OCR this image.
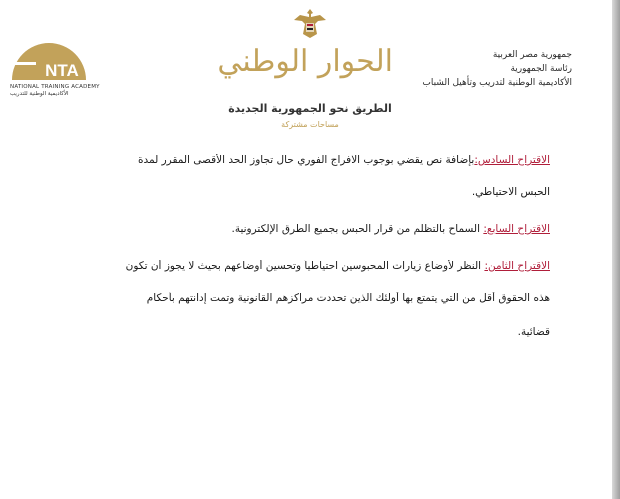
NTA
NATIONAL TRAINING ACADEMY
الأكاديمية الوطنية للتدريب
الحوار الوطني
الطريق نحو الجمهورية الجديدة
مساحات مشتركة
جمهورية مصر العربية
رئاسة الجمهورية
الأكاديمية الوطنية لتدريب وتأهيل الشباب
الاقتراح السادس:بإضافة نص يقضي بوجوب الافراج الفوري حال تجاوز الحد الأقصى المقرر لمدة
الحبس الاحتياطي.
الاقتراح السابع: السماح بالتظلم من قرار الحبس بجميع الطرق الإلكترونية.
الاقتراح الثامن: النظر لأوضاع زيارات المحبوسين احتياطياً وتحسين أوضاعهم بحيث لا يجوز أن تكون
هذه الحقوق أقل من التي يتمتع بها أولئك الذين تحددت مراكزهم القانونية وتمت إدانتهم بأحكام
قضائية.
